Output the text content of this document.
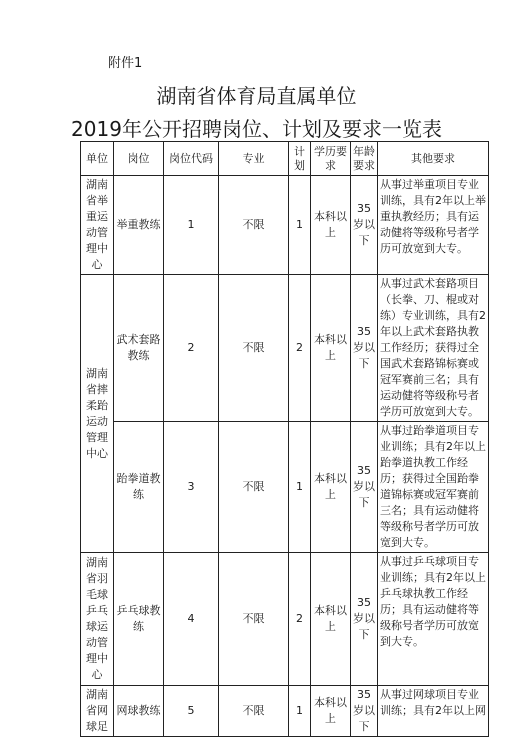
附件1
湖南省体育局直属单位
2019年公开招聘岗位、计划及要求一览表
单位	岗位	岗位代码	专业	计划	学历要求	年龄要求	其他要求
湖南省举重运动管理中心	举重教练	1	不限	1	本科以上	35岁以下	从事过举重项目专业训练，具有2年以上举重执教经历；具有运动健将等级称号者学历可放宽到大专。
湖南省摔柔跆运动管理中心	武术套路教练	2	不限	2	本科以上	35岁以下	从事过武术套路项目（长拳、刀、棍或对练）专业训练，具有2年以上武术套路执教工作经历；获得过全国武术套路锦标赛或冠军赛前三名；具有运动健将等级称号者学历可放宽到大专。
	跆拳道教练	3	不限	1	本科以上	35岁以下	从事过跆拳道项目专业训练；具有2年以上跆拳道执教工作经历；获得过全国跆拳道锦标赛或冠军赛前三名；具有运动健将等级称号者学历可放宽到大专。
湖南省羽毛球乒乓球运动管理中心	乒乓球教练	4	不限	2	本科以上	35岁以下	从事过乒乓球项目专业训练；具有2年以上乒乓球执教工作经历；具有运动健将等级称号者学历可放宽到大专。
湖南省网球足	网球教练	5	不限	1	本科以上	35岁以下	从事过网球项目专业训练；具有2年以上网
